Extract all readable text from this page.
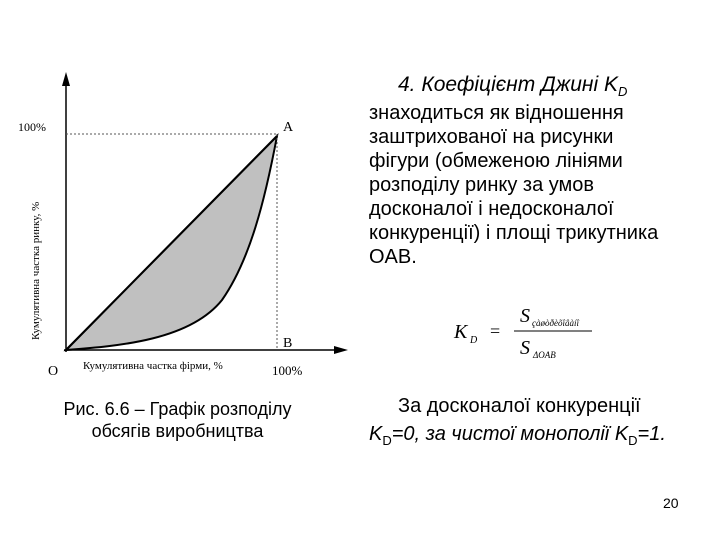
100%	A
B
O	100%
Кумулятивна частка фірми, %
Кумулятивна частка ринку, %
4. Коефіцієнт Джині $K_D$
знаходиться як відношення
заштрихованої на рисунки
фігури (обмеженою лініями
розподілу ринку за умов
досконалої і недосконалої
конкуренції) і площі трикутника
OAB.
K D =
S çàøòðèõîâàíî
S ΔOAB
Рис. 6.6 – Графік розподілу
обсягів виробництва
За досконалої конкуренції
$K_D=0$, за чистої монополії $K_D=1$.
20
